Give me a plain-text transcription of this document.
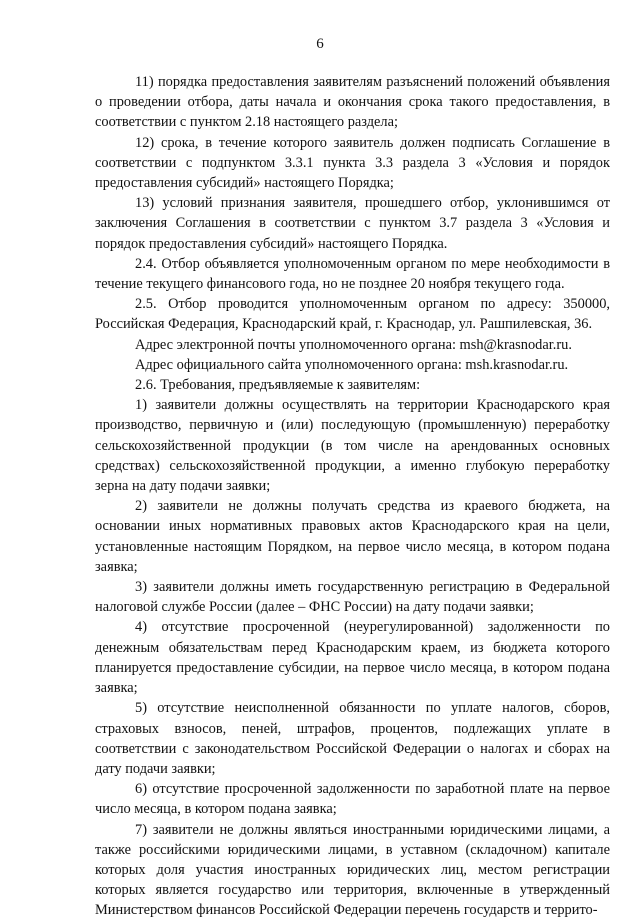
6

11) порядка предоставления заявителям разъяснений положений объявления о проведении отбора, даты начала и окончания срока такого предоставления, в соответствии с пунктом 2.18 настоящего раздела;

12) срока, в течение которого заявитель должен подписать Соглашение в соответствии с подпунктом 3.3.1 пункта 3.3 раздела 3 «Условия и порядок предоставления субсидий» настоящего Порядка;

13) условий признания заявителя, прошедшего отбор, уклонившимся от заключения Соглашения в соответствии с пунктом 3.7 раздела 3 «Условия и порядок предоставления субсидий» настоящего Порядка.

2.4. Отбор объявляется уполномоченным органом по мере необходимости в течение текущего финансового года, но не позднее 20 ноября текущего года.

2.5. Отбор проводится уполномоченным органом по адресу: 350000, Российская Федерация, Краснодарский край, г. Краснодар, ул. Рашпилевская, 36.

Адрес электронной почты уполномоченного органа: msh@krasnodar.ru.

Адрес официального сайта уполномоченного органа: msh.krasnodar.ru.

2.6. Требования, предъявляемые к заявителям:

1) заявители должны осуществлять на территории Краснодарского края производство, первичную и (или) последующую (промышленную) переработку сельскохозяйственной продукции (в том числе на арендованных основных средствах) сельскохозяйственной продукции, а именно глубокую переработку зерна на дату подачи заявки;

2) заявители не должны получать средства из краевого бюджета, на основании иных нормативных правовых актов Краснодарского края на цели, установленные настоящим Порядком, на первое число месяца, в котором подана заявка;

3) заявители должны иметь государственную регистрацию в Федеральной налоговой службе России (далее – ФНС России) на дату подачи заявки;

4) отсутствие просроченной (неурегулированной) задолженности по денежным обязательствам перед Краснодарским краем, из бюджета которого планируется предоставление субсидии, на первое число месяца, в котором подана заявка;

5) отсутствие неисполненной обязанности по уплате налогов, сборов, страховых взносов, пеней, штрафов, процентов, подлежащих уплате в соответствии с законодательством Российской Федерации о налогах и сборах на дату подачи заявки;

6) отсутствие просроченной задолженности по заработной плате на первое число месяца, в котором подана заявка;

7) заявители не должны являться иностранными юридическими лицами, а также российскими юридическими лицами, в уставном (складочном) капитале которых доля участия иностранных юридических лиц, местом регистрации которых является государство или территория, включенные в утвержденный Министерством финансов Российской Федерации перечень государств и террито-
